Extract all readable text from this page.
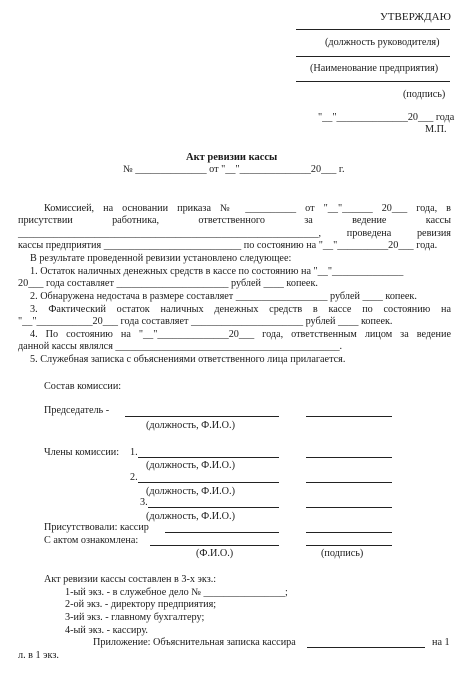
УТВЕРЖДАЮ
(должность руководителя)
(Наименование предприятия)
(подпись)
"__"______________20___ года
М.П.
Акт ревизии кассы
№ ______________ от "__"______________20___ г.
Комиссией, на основании приказа № __________ от "__"______ 20___ года, в
присутствии работника, ответственного за ведение кассы
___________________________________________________________, проведена ревизия
кассы предприятия ___________________________ по состоянию на "__"__________20___ года.
В результате проведенной ревизии установлено следующее:
1. Остаток наличных денежных средств в кассе по состоянию на "__"______________
20___ года составляет ______________________ рублей ____ копеек.
2. Обнаружена недостача в размере составляет __________________ рублей ____ копеек.
3. Фактический остаток наличных денежных средств в кассе по состоянию на
"__"___________20___ года составляет ______________________ рублей ____ копеек.
4. По состоянию на "__"______________20___ года, ответственным лицом за ведение
данной кассы являлся ____________________________________________.
5. Служебная записка с объяснениями ответственного лица прилагается.
Состав комиссии:
Председатель -
(должность, Ф.И.О.)
Члены комиссии: 1.
(должность, Ф.И.О.)
2.
(должность, Ф.И.О.)
3.
(должность, Ф.И.О.)
Присутствовали: кассир
С актом ознакомлена:
(Ф.И.О.)	(подпись)
Акт ревизии кассы составлен в 3-х экз.:
1-ый экз. - в служебное дело № ________________;
2-ой экз. - директору предприятия;
3-ий экз. - главному бухгалтеру;
4-ый экз. - кассиру.
Приложение: Объяснительная записка кассира	на 1
л. в 1 экз.
